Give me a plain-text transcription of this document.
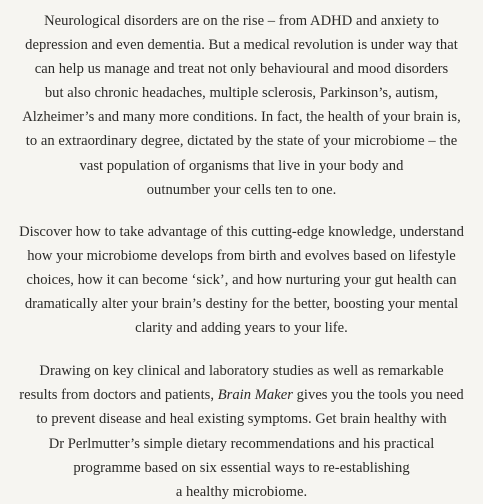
Neurological disorders are on the rise – from ADHD and anxiety to
depression and even dementia. But a medical revolution is under way that
can help us manage and treat not only behavioural and mood disorders
but also chronic headaches, multiple sclerosis, Parkinson’s, autism,
Alzheimer’s and many more conditions. In fact, the health of your brain is,
to an extraordinary degree, dictated by the state of your microbiome – the
vast population of organisms that live in your body and
outnumber your cells ten to one.

Discover how to take advantage of this cutting-edge knowledge, understand
how your microbiome develops from birth and evolves based on lifestyle
choices, how it can become ‘sick’, and how nurturing your gut health can
dramatically alter your brain’s destiny for the better, boosting your mental
clarity and adding years to your life.

Drawing on key clinical and laboratory studies as well as remarkable
results from doctors and patients, Brain Maker gives you the tools you need
to prevent disease and heal existing symptoms. Get brain healthy with
Dr Perlmutter’s simple dietary recommendations and his practical
programme based on six essential ways to re-establishing
a healthy microbiome.
